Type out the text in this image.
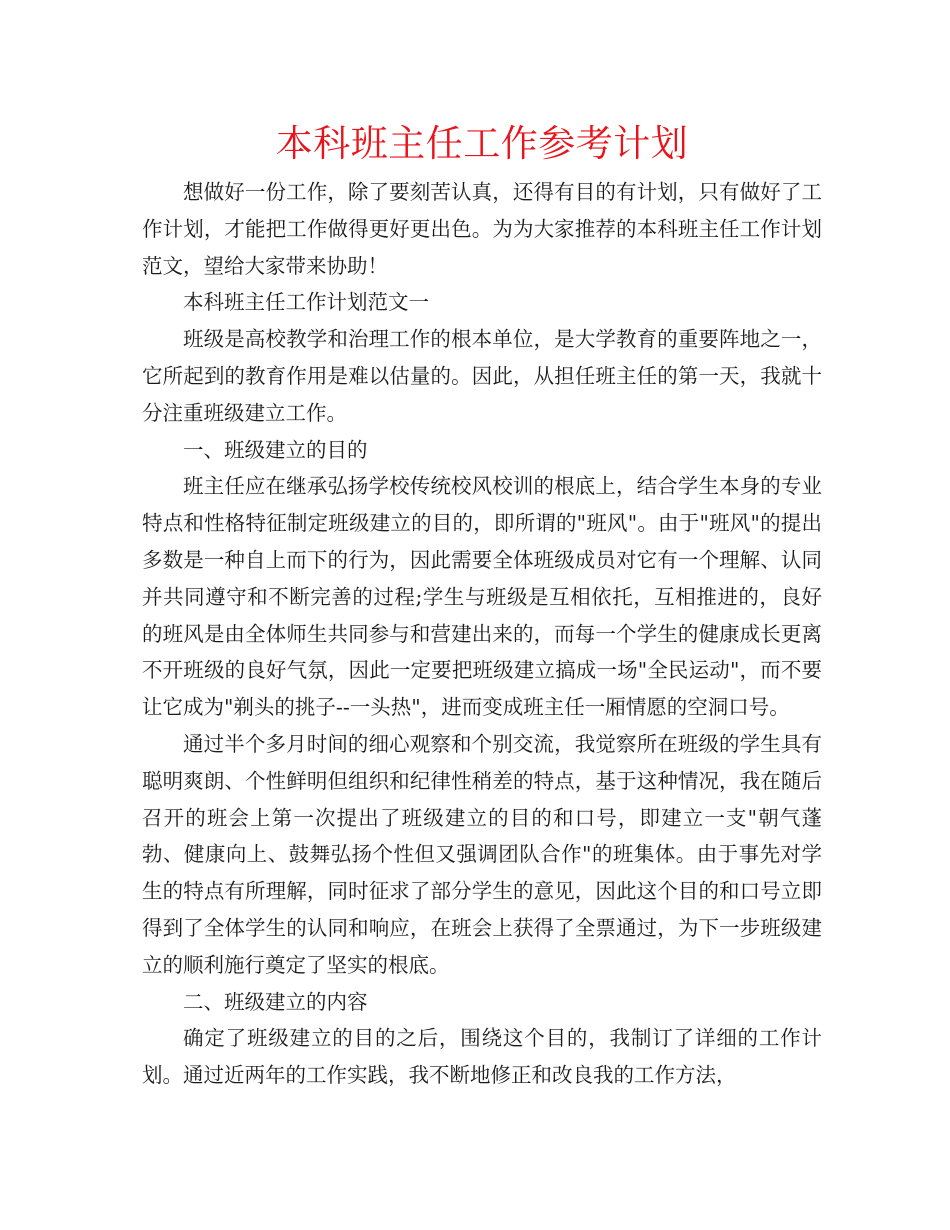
本科班主任工作参考计划

想做好一份工作，除了要刻苦认真，还得有目的有计划，只有做好了工作计划，才能把工作做得更好更出色。为为大家推荐的本科班主任工作计划范文，望给大家带来协助！

本科班主任工作计划范文一

班级是高校教学和治理工作的根本单位，是大学教育的重要阵地之一，它所起到的教育作用是难以估量的。因此，从担任班主任的第一天，我就十分注重班级建立工作。

一、班级建立的目的

班主任应在继承弘扬学校传统校风校训的根底上，结合学生本身的专业特点和性格特征制定班级建立的目的，即所谓的"班风"。由于"班风"的提出多数是一种自上而下的行为，因此需要全体班级成员对它有一个理解、认同并共同遵守和不断完善的过程;学生与班级是互相依托，互相推进的，良好的班风是由全体师生共同参与和营建出来的，而每一个学生的健康成长更离不开班级的良好气氛，因此一定要把班级建立搞成一场"全民运动"，而不要让它成为"剃头的挑子--一头热"，进而变成班主任一厢情愿的空洞口号。

通过半个多月时间的细心观察和个别交流，我觉察所在班级的学生具有聪明爽朗、个性鲜明但组织和纪律性稍差的特点，基于这种情况，我在随后召开的班会上第一次提出了班级建立的目的和口号，即建立一支"朝气蓬勃、健康向上、鼓舞弘扬个性但又强调团队合作"的班集体。由于事先对学生的特点有所理解，同时征求了部分学生的意见，因此这个目的和口号立即得到了全体学生的认同和响应，在班会上获得了全票通过，为下一步班级建立的顺利施行奠定了坚实的根底。

二、班级建立的内容

确定了班级建立的目的之后，围绕这个目的，我制订了详细的工作计划。通过近两年的工作实践，我不断地修正和改良我的工作方法，
